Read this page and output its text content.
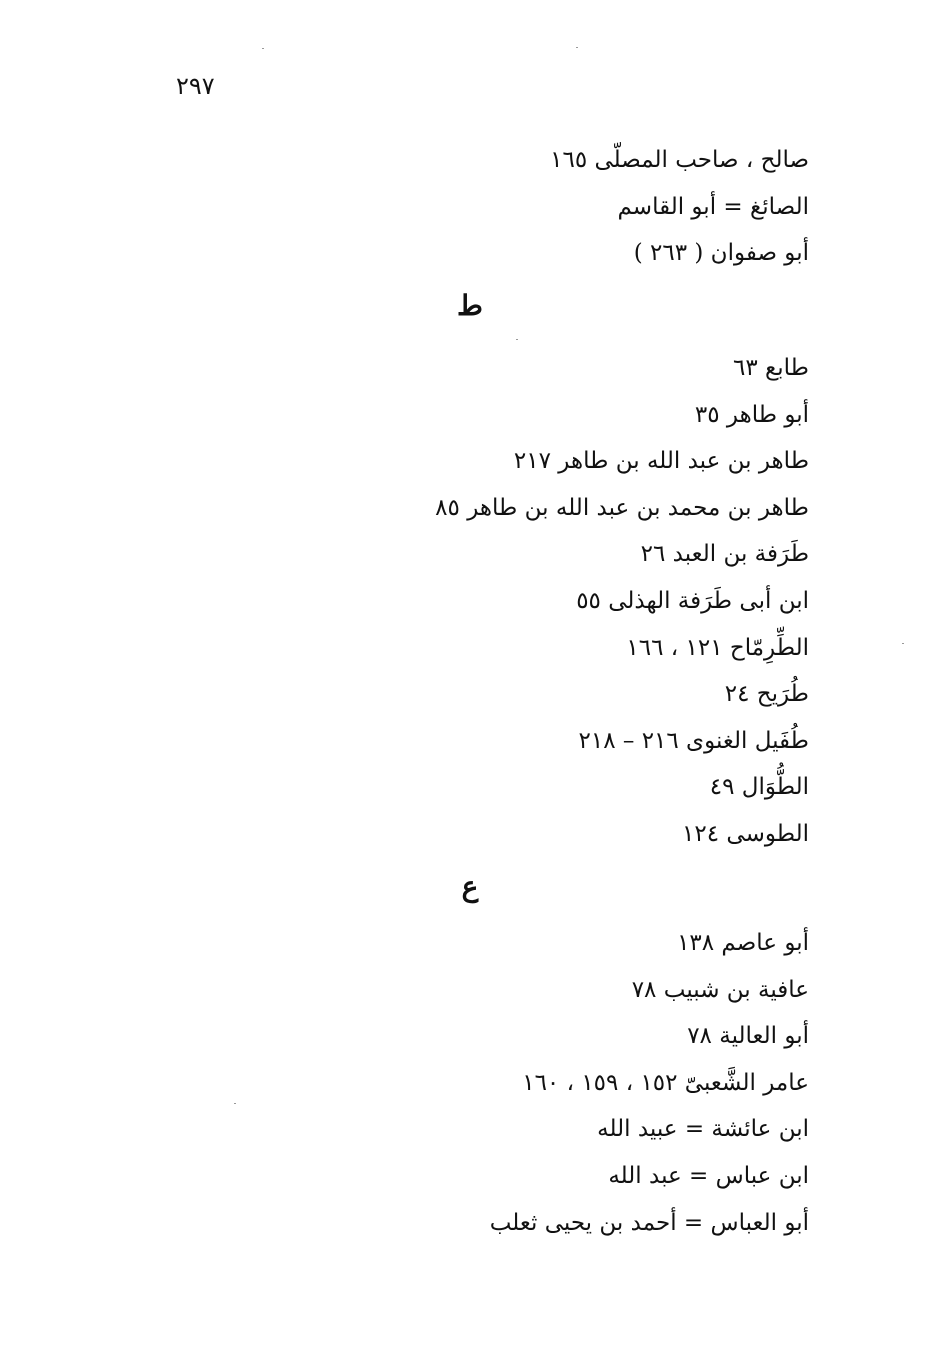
٢٩٧
صالح ، صاحب المصلّى ١٦٥
الصائغ = أبو القاسم
أبو صفوان ( ٢٦٣ )
ط
طابع ٦٣
أبو طاهر ٣٥
طاهر بن عبد الله بن طاهر ٢١٧
طاهر بن محمد بن عبد الله بن طاهر ٨٥
طَرَفة بن العبد ٢٦
ابن أبى طَرَفة الهذلى ٥٥
الطِّرِمّاح ١٢١ ، ١٦٦
طُرَيح ٢٤
طُفَيل الغنوى ٢١٦ – ٢١٨
الطُّوَال ٤٩
الطوسى ١٢٤
ع
أبو عاصم ١٣٨
عافية بن شبيب ٧٨
أبو العالية ٧٨
عامر الشَّعبىّ ١٥٢ ، ١٥٩ ، ١٦٠
ابن عائشة = عبيد الله
ابن عباس = عبد الله
أبو العباس = أحمد بن يحيى ثعلب
